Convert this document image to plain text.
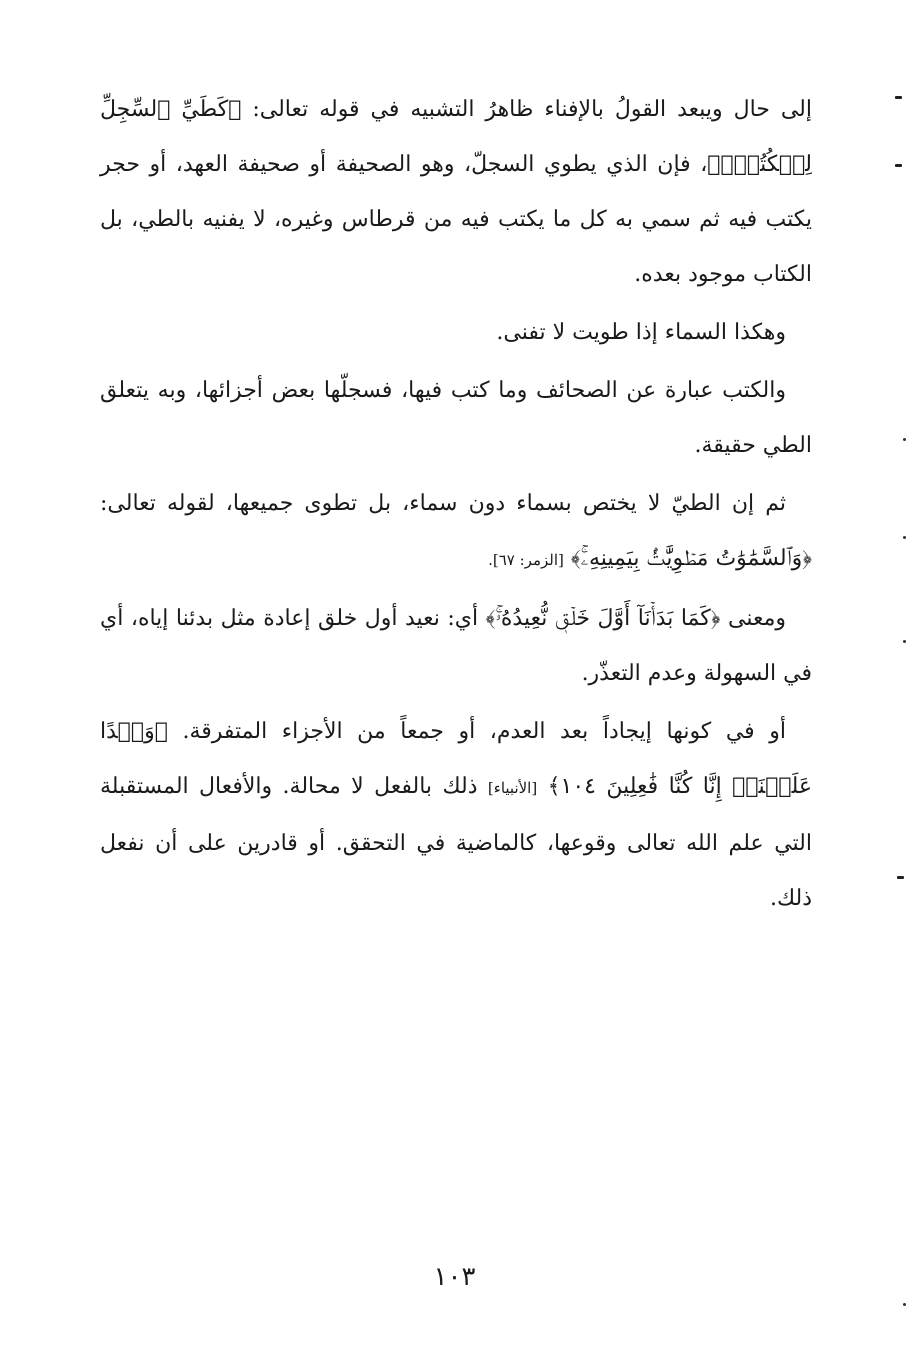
إلى حال ويبعد القولُ بالإفناء ظاهرُ التشبيه في قوله تعالى: ﴿كَطَيِّ ٱلسِّجِلِّ لِلۡكُتُبِۚ﴾، فإن الذي يطوي السجلّ، وهو الصحيفة أو صحيفة العهد، أو حجر يكتب فيه ثم سمي به كل ما يكتب فيه من قرطاس وغيره، لا يفنيه بالطي، بل الكتاب موجود بعده.

وهكذا السماء إذا طويت لا تفنى.

والكتب عبارة عن الصحائف وما كتب فيها، فسجلّها بعض أجزائها، وبه يتعلق الطي حقيقة.

ثم إن الطيّ لا يختص بسماء دون سماء، بل تطوى جميعها، لقوله تعالى: ﴿وَٱلسَّمَٰوَٰتُ مَطۡوِيَّٰتُۢ بِيَمِينِهِۦۚ﴾ [الزمر: ٦٧].

ومعنى ﴿كَمَا بَدَأۡنَآ أَوَّلَ خَلۡقٖ نُّعِيدُهُۥۚ﴾ أي: نعيد أول خلق إعادة مثل بدئنا إياه، أي في السهولة وعدم التعذّر.

أو في كونها إيجاداً بعد العدم، أو جمعاً من الأجزاء المتفرقة. ﴿وَعۡدًا عَلَيۡنَآۚ إِنَّا كُنَّا فَٰعِلِينَ ١٠٤﴾ [الأنبياء] ذلك بالفعل لا محالة. والأفعال المستقبلة التي علم الله تعالى وقوعها، كالماضية في التحقق. أو قادرين على أن نفعل ذلك.

١٠٣
